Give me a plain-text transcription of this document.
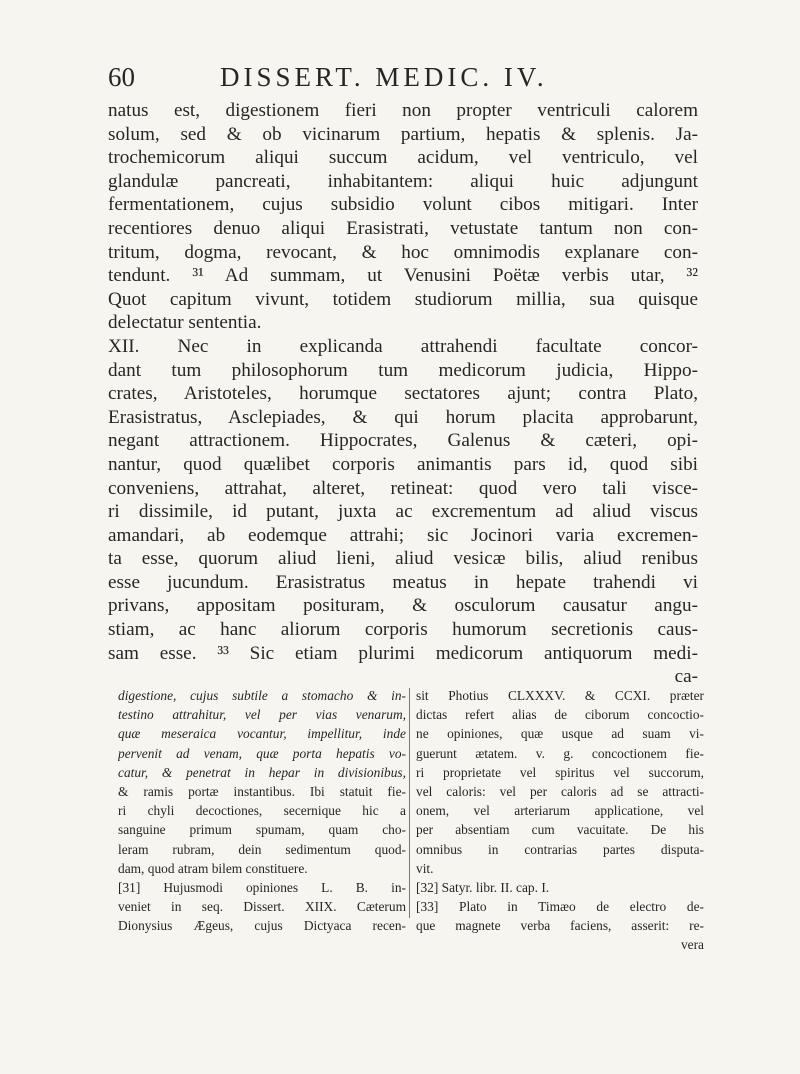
60	DISSERT. MEDIC. IV.
natus est, digestionem fieri non propter ventriculi calorem
solum, sed & ob vicinarum partium, hepatis & splenis. Ja-
trochemicorum aliqui succum acidum, vel ventriculo, vel
glandulæ pancreati, inhabitantem: aliqui huic adjungunt
fermentationem, cujus subsidio volunt cibos mitigari. Inter
recentiores denuo aliqui Erasistrati, vetustate tantum non con-
tritum, dogma, revocant, & hoc omnimodis explanare con-
tendunt. ³¹ Ad summam, ut Venusini Poëtæ verbis utar, ³²
Quot capitum vivunt, totidem studiorum millia, sua quisque
delectatur sententia.
XII. Nec in explicanda attrahendi facultate concor-
dant tum philosophorum tum medicorum judicia, Hippo-
crates, Aristoteles, horumque sectatores ajunt; contra Plato,
Erasistratus, Asclepiades, & qui horum placita approbarunt,
negant attractionem. Hippocrates, Galenus & cæteri, opi-
nantur, quod quælibet corporis animantis pars id, quod sibi
conveniens, attrahat, alteret, retineat: quod vero tali visce-
ri dissimile, id putant, juxta ac excrementum ad aliud viscus
amandari, ab eodemque attrahi; sic Jocinori varia excremen-
ta esse, quorum aliud lieni, aliud vesicæ bilis, aliud renibus
esse jucundum. Erasistratus meatus in hepate trahendi vi
privans, appositam posituram, & osculorum causatur angu-
stiam, ac hanc aliorum corporis humorum secretionis caus-
sam esse. ³³ Sic etiam plurimi medicorum antiquorum medi-
ca-
digestione, cujus subtile a stomacho & in-
testino attrahitur, vel per vias venarum,
quæ meseraica vocantur, impellitur, inde
pervenit ad venam, quæ porta hepatis vo-
catur, & penetrat in hepar in divisionibus,
& ramis portæ instantibus. Ibi statuit fie-
ri chyli decoctiones, secernique hic a
sanguine primum spumam, quam cho-
leram rubram, dein sedimentum quod-
dam, quod atram bilem constituere.
[31] Hujusmodi opiniones L. B. in-
veniet in seq. Dissert. XIIX. Cæterum
Dionysius Ægeus, cujus Dictyaca recen-
sit Photius CLXXXV. & CCXI. præter
dictas refert alias de ciborum concoctio-
ne opiniones, quæ usque ad suam vi-
guerunt ætatem. v. g. concoctionem fie-
ri proprietate vel spiritus vel succorum,
vel caloris: vel per caloris ad se attracti-
onem, vel arteriarum applicatione, vel
per absentiam cum vacuitate. De his
omnibus in contrarias partes disputa-
vit.
[32] Satyr. libr. II. cap. I.
[33] Plato in Timæo de electro de-
que magnete verba faciens, asserit: re-
vera
